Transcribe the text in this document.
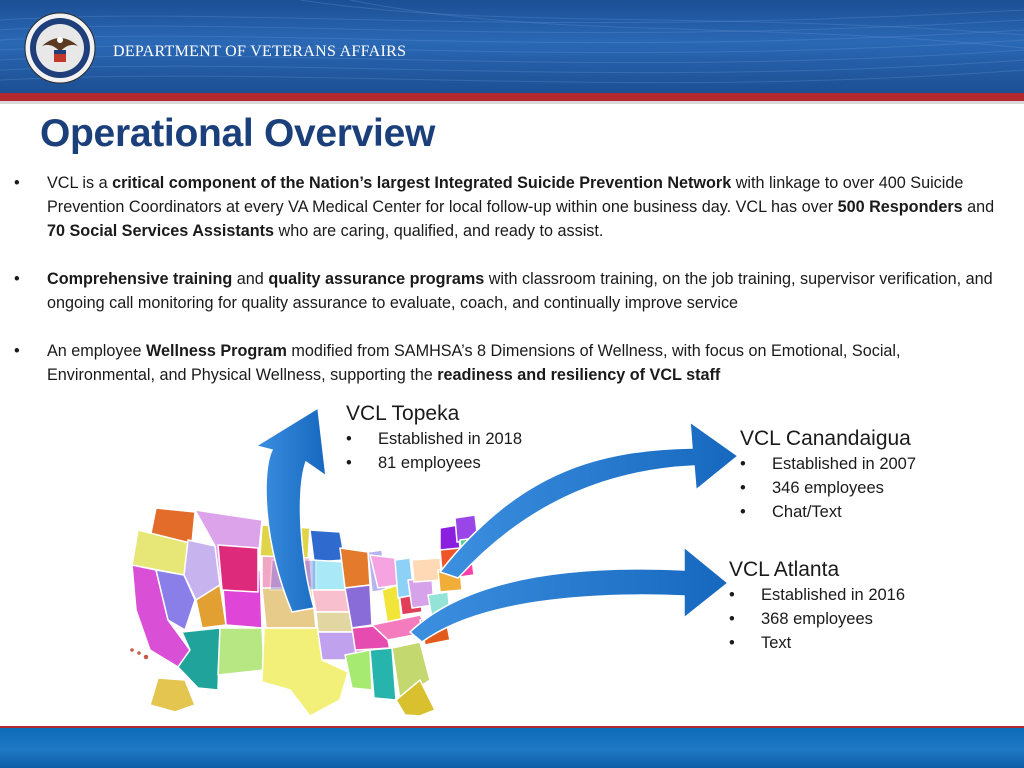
DEPARTMENT OF VETERANS AFFAIRS
Operational Overview
• VCL is a critical component of the Nation’s largest Integrated Suicide Prevention Network with linkage to over 400 Suicide Prevention Coordinators at every VA Medical Center for local follow-up within one business day. VCL has over 500 Responders and 70 Social Services Assistants who are caring, qualified, and ready to assist.
• Comprehensive training and quality assurance programs with classroom training, on the job training, supervisor verification, and ongoing call monitoring for quality assurance to evaluate, coach, and continually improve service
• An employee Wellness Program modified from SAMHSA’s 8 Dimensions of Wellness, with focus on Emotional, Social, Environmental, and Physical Wellness, supporting the readiness and resiliency of VCL staff
VCL Topeka
• Established in 2018
• 81 employees
VCL Canandaigua
• Established in 2007
• 346 employees
• Chat/Text
VCL Atlanta
• Established in 2016
• 368 employees
• Text
